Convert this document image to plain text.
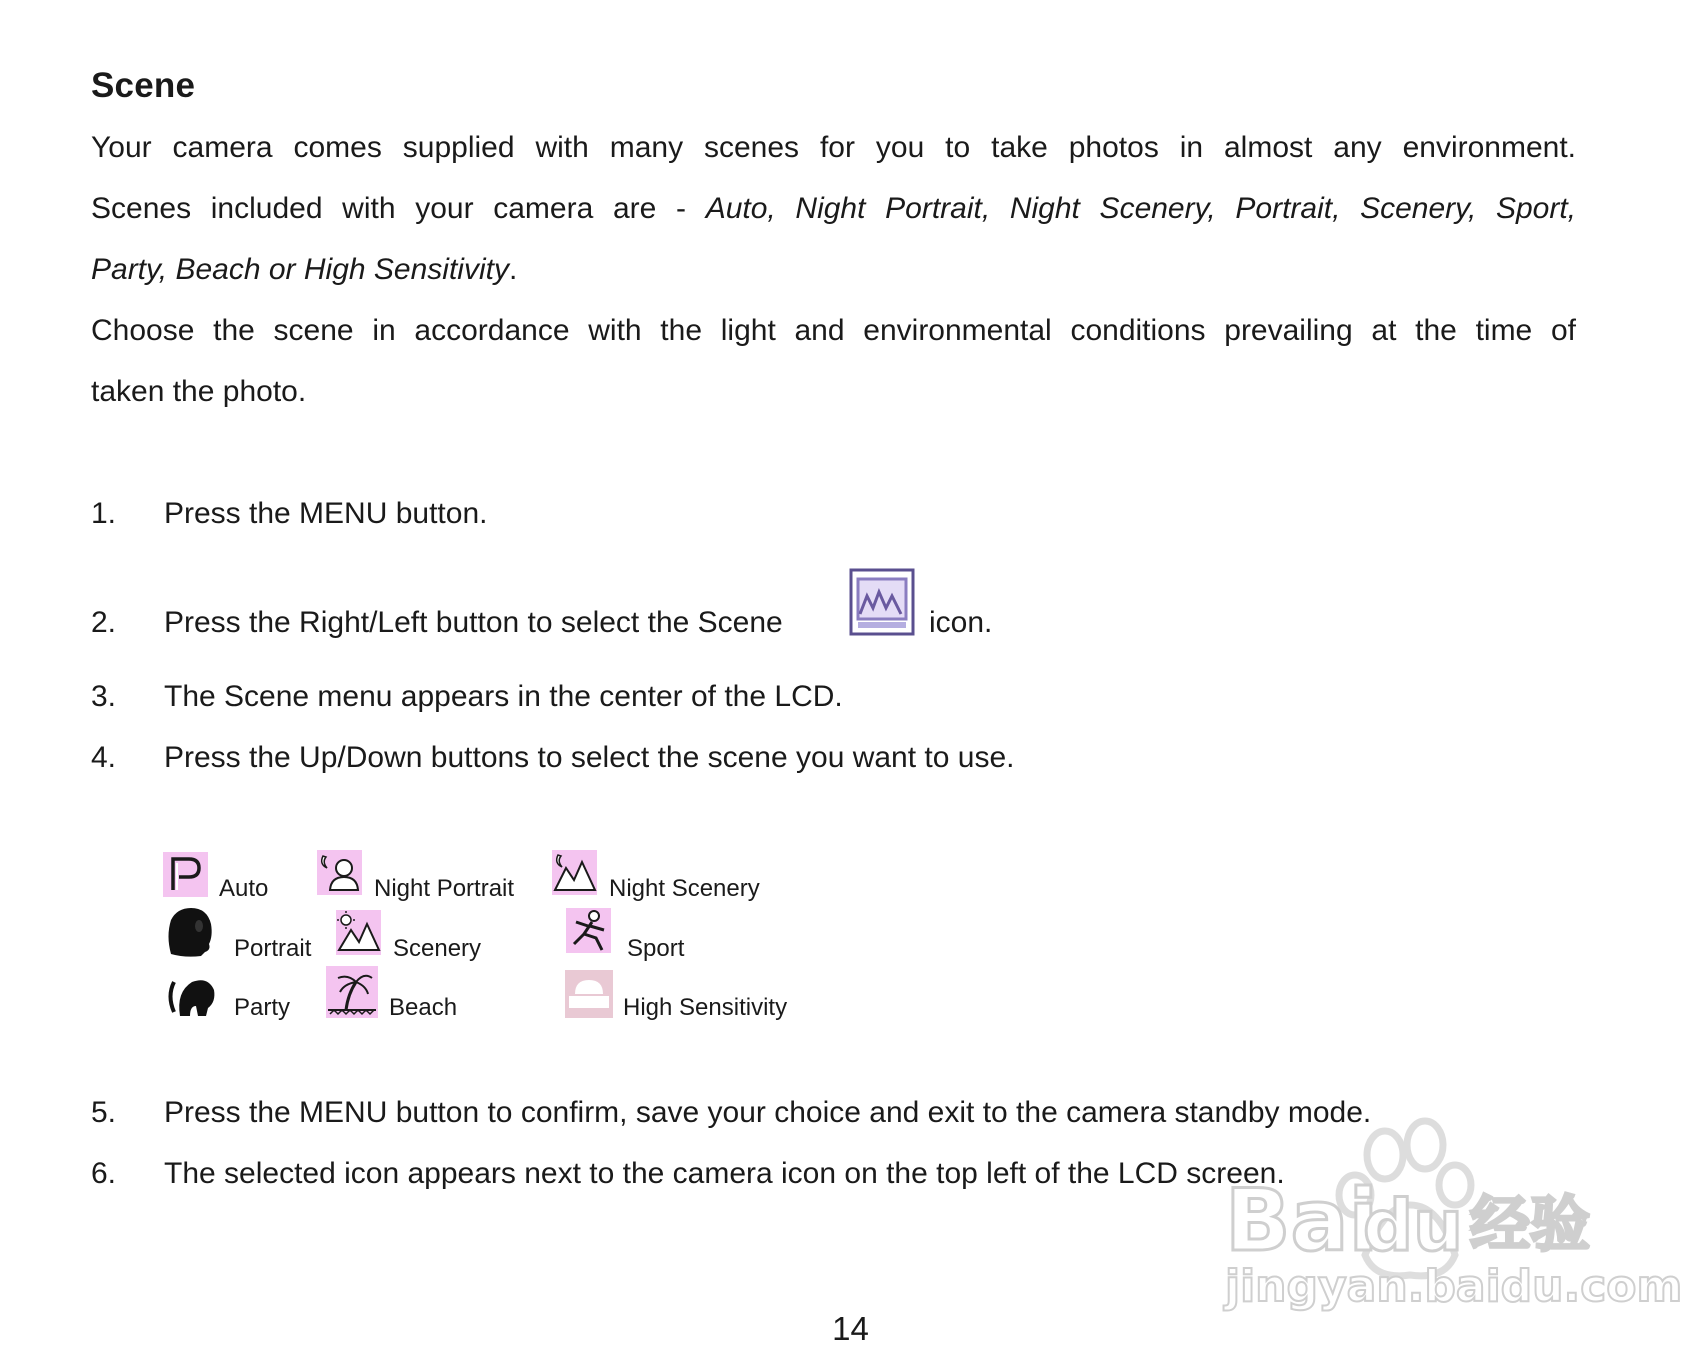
Scene
Your camera comes supplied with many scenes for you to take photos in almost any environment.
Scenes included with your camera are - Auto, Night Portrait, Night Scenery, Portrait, Scenery, Sport,
Party, Beach or High Sensitivity.
Choose the scene in accordance with the light and environmental conditions prevailing at the time of
taken the photo.
1. Press the MENU button.
2. Press the Right/Left button to select the Scene	icon.
3. The Scene menu appears in the center of the LCD.
4. Press the Up/Down buttons to select the scene you want to use.
Auto	Night Portrait	Night Scenery
Portrait	Scenery	Sport
Party	Beach	High Sensitivity
5. Press the MENU button to confirm, save your choice and exit to the camera standby mode.
6. The selected icon appears next to the camera icon on the top left of the LCD screen.
Bai
du 经验
jingyan.baidu.com
14
